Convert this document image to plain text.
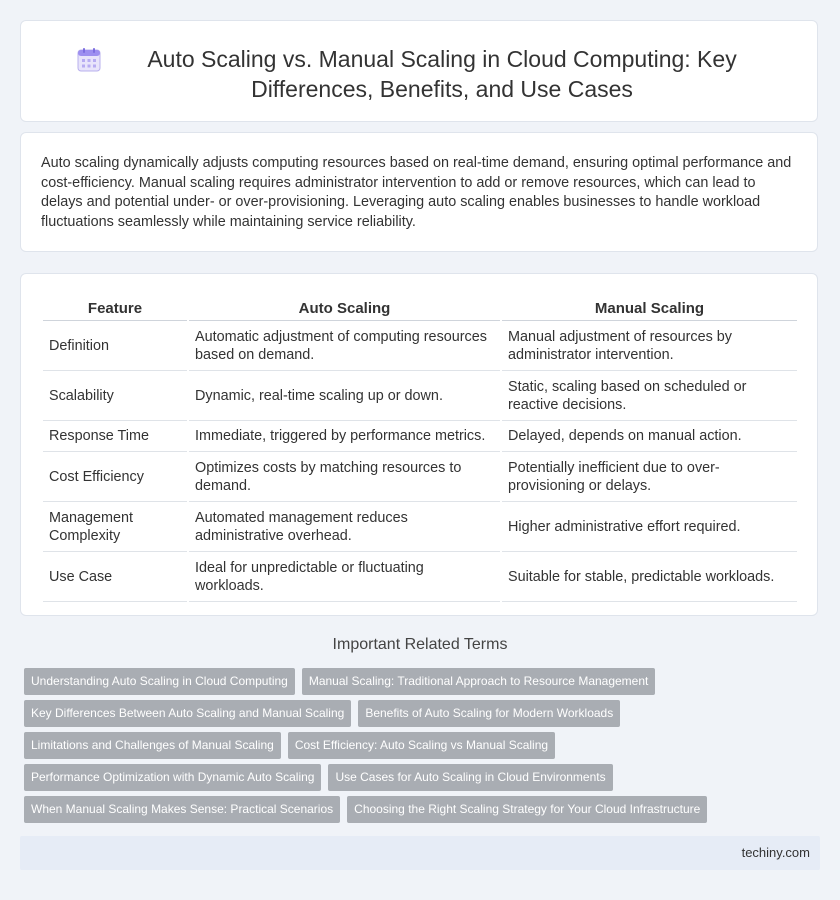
Auto Scaling vs. Manual Scaling in Cloud Computing: Key Differences, Benefits, and Use Cases

Auto scaling dynamically adjusts computing resources based on real-time demand, ensuring optimal performance and cost-efficiency. Manual scaling requires administrator intervention to add or remove resources, which can lead to delays and potential under- or over-provisioning. Leveraging auto scaling enables businesses to handle workload fluctuations seamlessly while maintaining service reliability.

Feature	Auto Scaling	Manual Scaling
Definition	Automatic adjustment of computing resources based on demand.	Manual adjustment of resources by administrator intervention.
Scalability	Dynamic, real-time scaling up or down.	Static, scaling based on scheduled or reactive decisions.
Response Time	Immediate, triggered by performance metrics.	Delayed, depends on manual action.
Cost Efficiency	Optimizes costs by matching resources to demand.	Potentially inefficient due to over-provisioning or delays.
Management Complexity	Automated management reduces administrative overhead.	Higher administrative effort required.
Use Case	Ideal for unpredictable or fluctuating workloads.	Suitable for stable, predictable workloads.
Important Related Terms
Understanding Auto Scaling in Cloud Computing	Manual Scaling: Traditional Approach to Resource Management
Key Differences Between Auto Scaling and Manual Scaling	Benefits of Auto Scaling for Modern Workloads
Limitations and Challenges of Manual Scaling	Cost Efficiency: Auto Scaling vs Manual Scaling
Performance Optimization with Dynamic Auto Scaling	Use Cases for Auto Scaling in Cloud Environments
When Manual Scaling Makes Sense: Practical Scenarios	Choosing the Right Scaling Strategy for Your Cloud Infrastructure
techiny.com
